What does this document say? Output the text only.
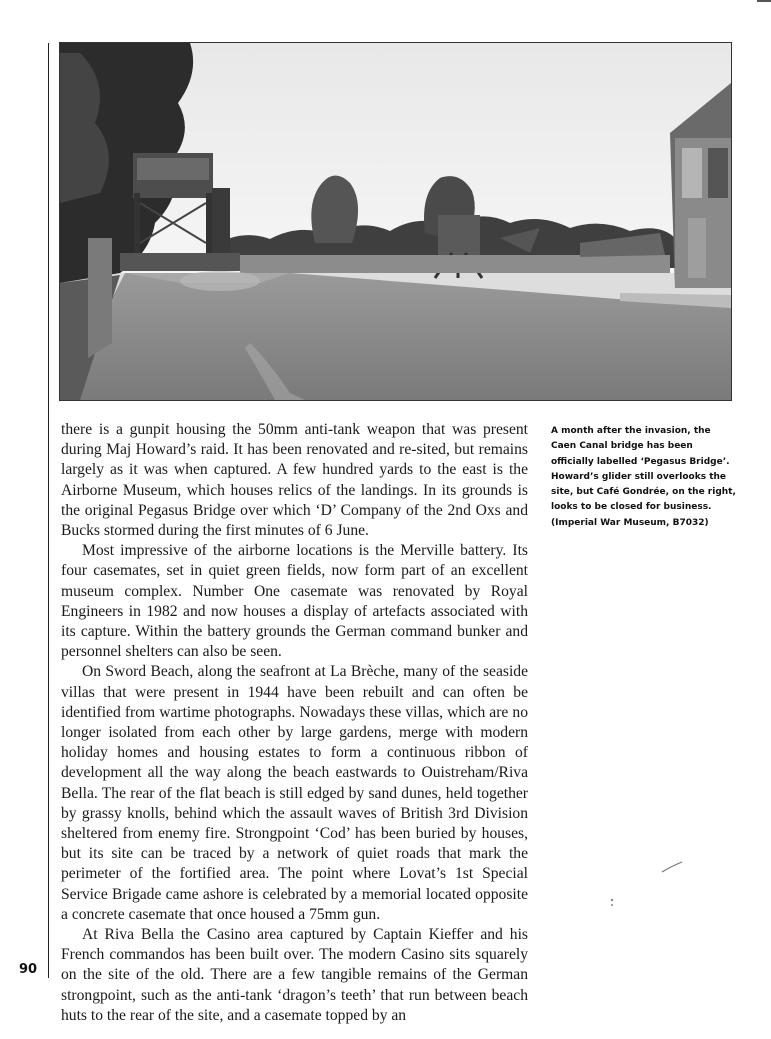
there is a gunpit housing the 50mm anti-tank weapon that was present during Maj Howard’s raid. It has been renovated and re-sited, but remains largely as it was when captured. A few hundred yards to the east is the Airborne Museum, which houses relics of the landings. In its grounds is the original Pegasus Bridge over which ‘D’ Company of the 2nd Oxs and Bucks stormed during the first minutes of 6 June.

Most impressive of the airborne locations is the Merville battery. Its four casemates, set in quiet green fields, now form part of an excellent museum complex. Number One casemate was renovated by Royal Engineers in 1982 and now houses a display of artefacts associated with its capture. Within the battery grounds the German command bunker and personnel shelters can also be seen.

On Sword Beach, along the seafront at La Brèche, many of the seaside villas that were present in 1944 have been rebuilt and can often be identified from wartime photographs. Nowadays these villas, which are no longer isolated from each other by large gardens, merge with modern holiday homes and housing estates to form a continuous ribbon of development all the way along the beach eastwards to Ouistreham/Riva Bella. The rear of the flat beach is still edged by sand dunes, held together by grassy knolls, behind which the assault waves of British 3rd Division sheltered from enemy fire. Strongpoint ‘Cod’ has been buried by houses, but its site can be traced by a network of quiet roads that mark the perimeter of the fortified area. The point where Lovat’s 1st Special Service Brigade came ashore is celebrated by a memorial located opposite a concrete casemate that once housed a 75mm gun.

At Riva Bella the Casino area captured by Captain Kieffer and his French commandos has been built over. The modern Casino sits squarely on the site of the old. There are a few tangible remains of the German strongpoint, such as the anti-tank ‘dragon’s teeth’ that run between beach huts to the rear of the site, and a casemate topped by an

A month after the invasion, the Caen Canal bridge has been officially labelled ‘Pegasus Bridge’. Howard’s glider still overlooks the site, but Café Gondrée, on the right, looks to be closed for business. (Imperial War Museum, B7032)
90
